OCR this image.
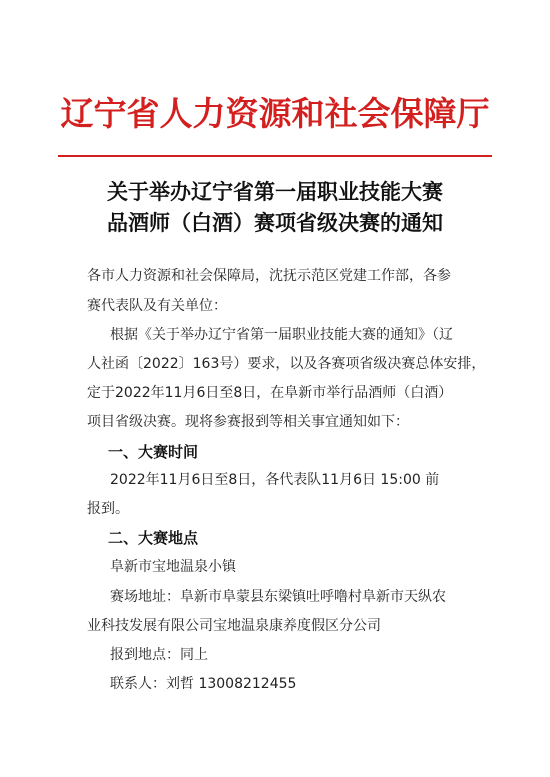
辽宁省人力资源和社会保障厅
关于举办辽宁省第一届职业技能大赛
品酒师（白酒）赛项省级决赛的通知
各市人力资源和社会保障局，沈抚示范区党建工作部，各参
赛代表队及有关单位：
根据《关于举办辽宁省第一届职业技能大赛的通知》（辽
人社函〔2022〕163号）要求，以及各赛项省级决赛总体安排，
定于2022年11月6日至8日，在阜新市举行品酒师（白酒）
项目省级决赛。现将参赛报到等相关事宜通知如下：
一、大赛时间
2022年11月6日至8日，各代表队11月6日 15:00 前
报到。
二、大赛地点
阜新市宝地温泉小镇
赛场地址：阜新市阜蒙县东梁镇吐呼噜村阜新市天纵农
业科技发展有限公司宝地温泉康养度假区分公司
报到地点：同上
联系人：刘哲 13008212455
